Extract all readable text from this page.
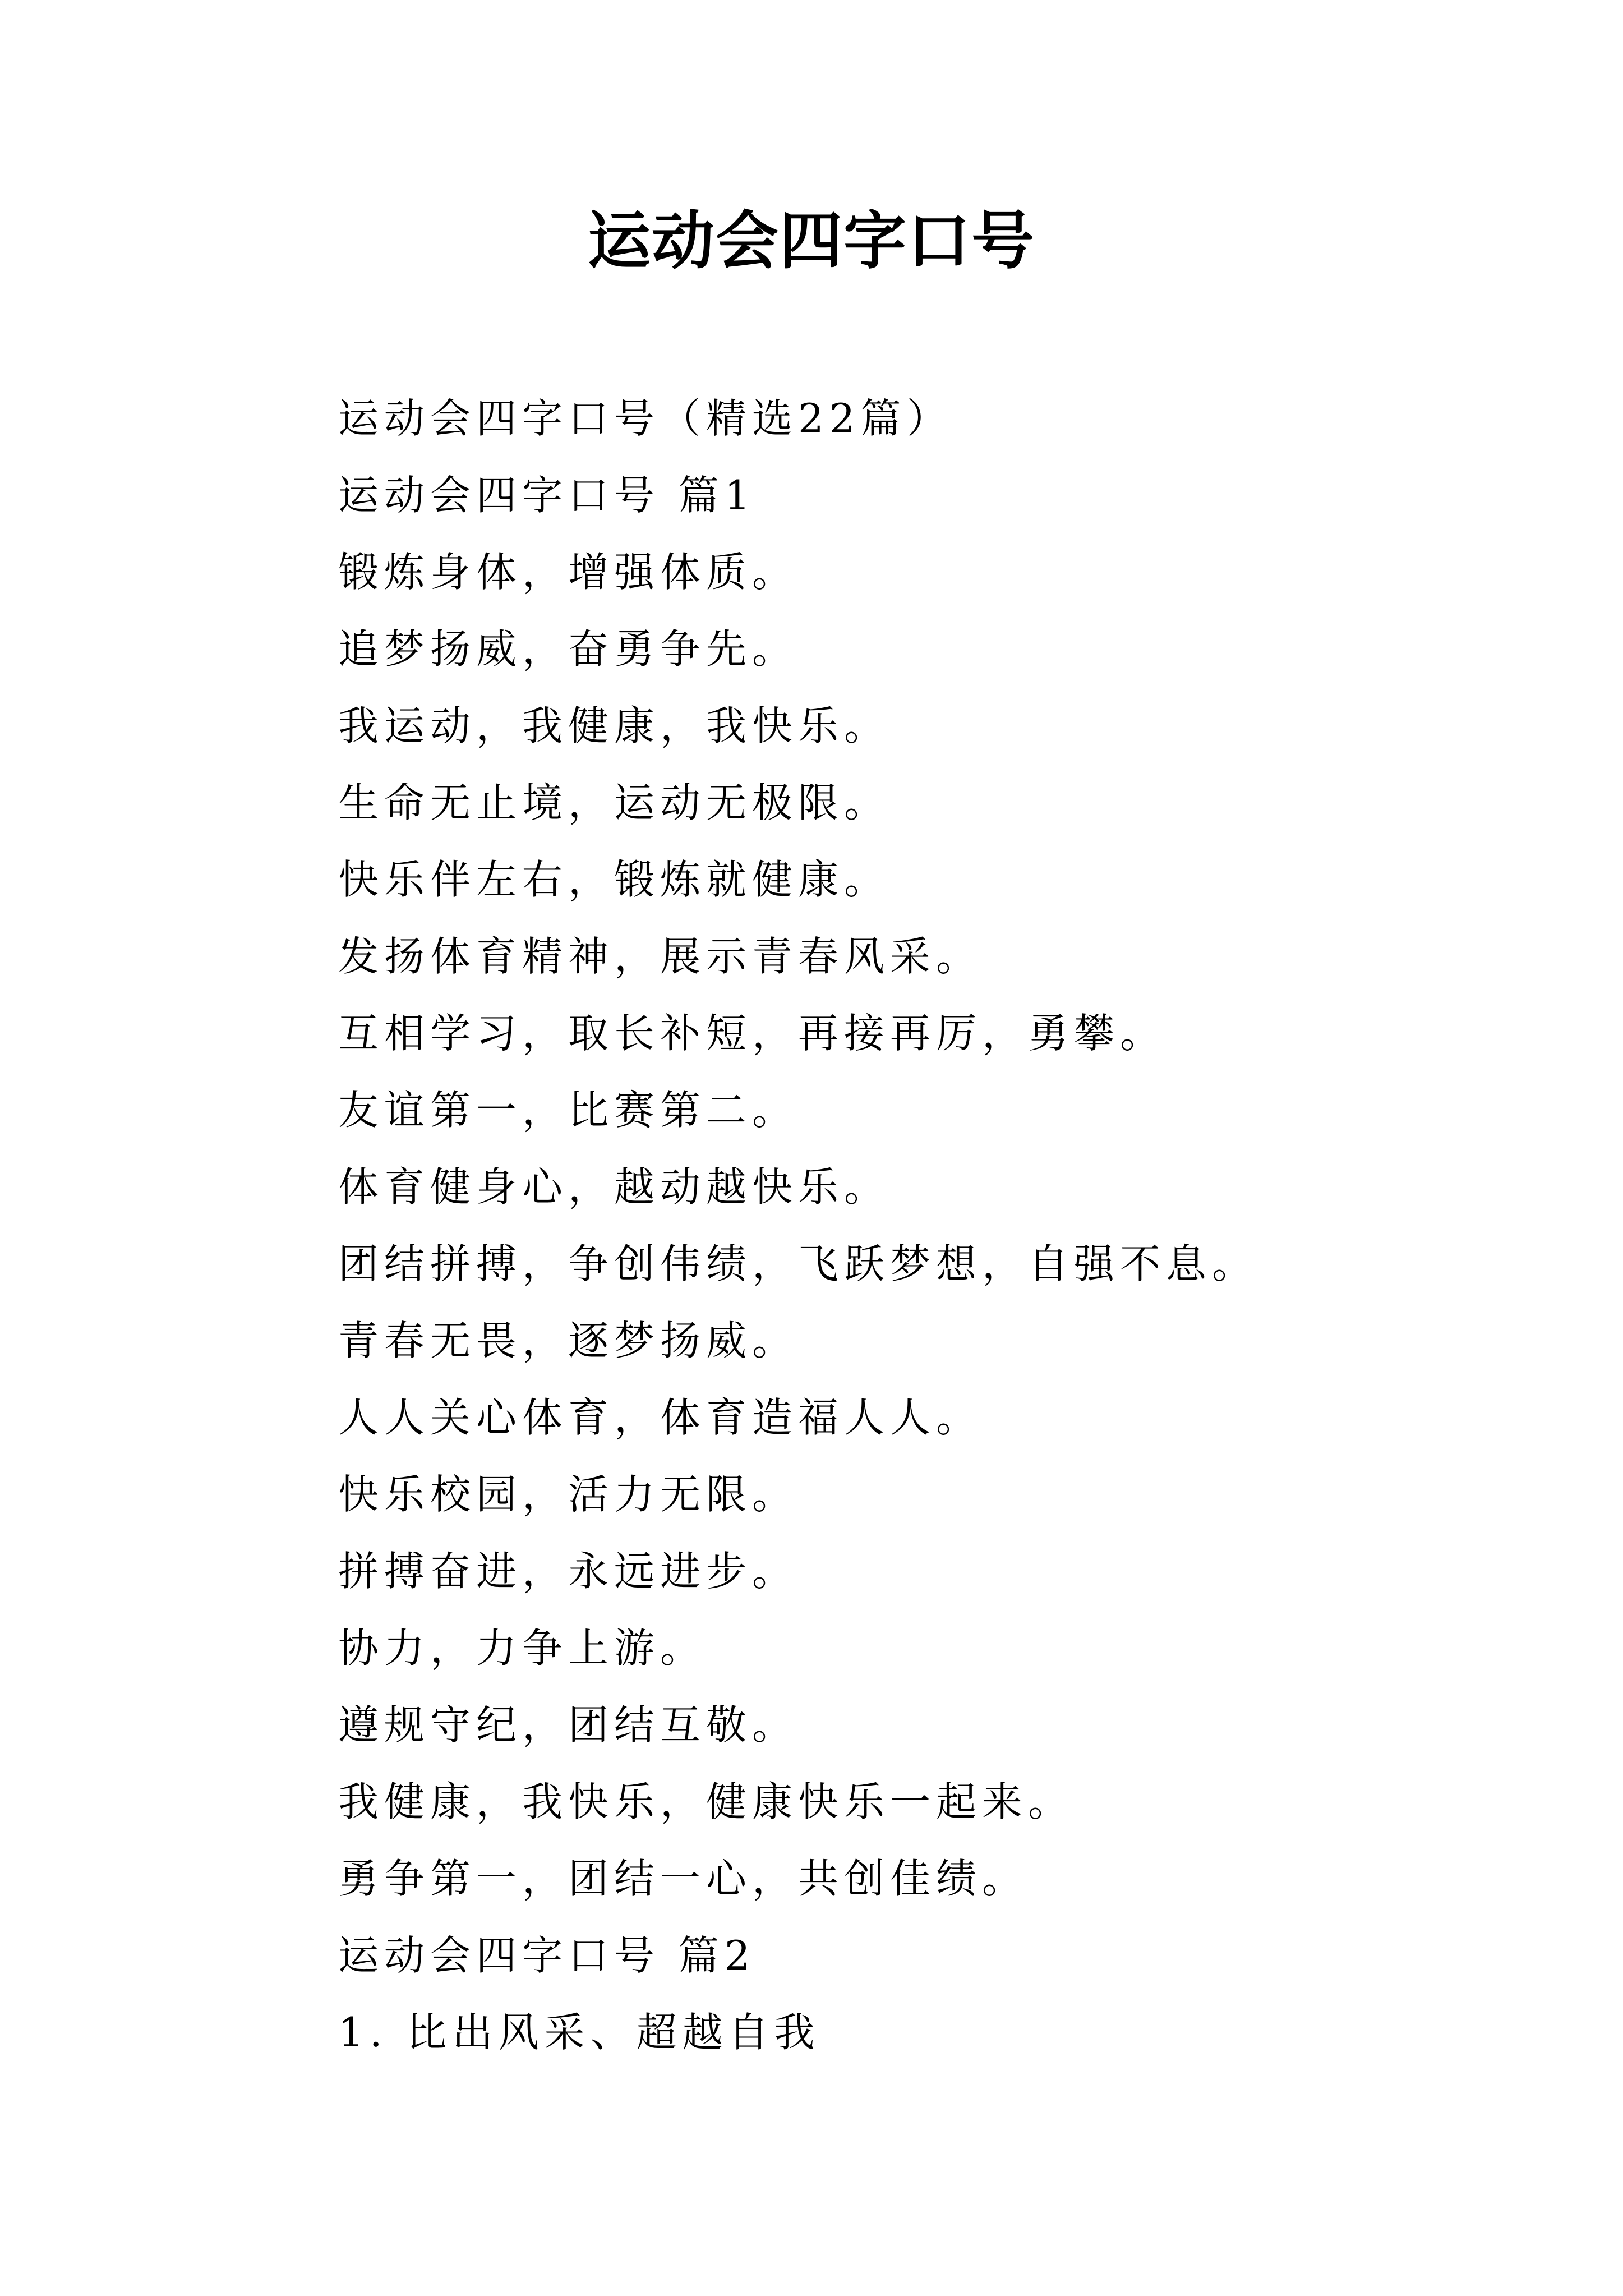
运动会四字口号
运动会四字口号（精选22篇）
运动会四字口号 篇1
锻炼身体，增强体质。
追梦扬威，奋勇争先。
我运动，我健康，我快乐。
生命无止境，运动无极限。
快乐伴左右，锻炼就健康。
发扬体育精神，展示青春风采。
互相学习，取长补短，再接再厉，勇攀。
友谊第一，比赛第二。
体育健身心，越动越快乐。
团结拼搏，争创伟绩，飞跃梦想，自强不息。
青春无畏，逐梦扬威。
人人关心体育，体育造福人人。
快乐校园，活力无限。
拼搏奋进，永远进步。
协力，力争上游。
遵规守纪，团结互敬。
我健康，我快乐，健康快乐一起来。
勇争第一，团结一心，共创佳绩。
运动会四字口号 篇2
1. 比出风采、超越自我
